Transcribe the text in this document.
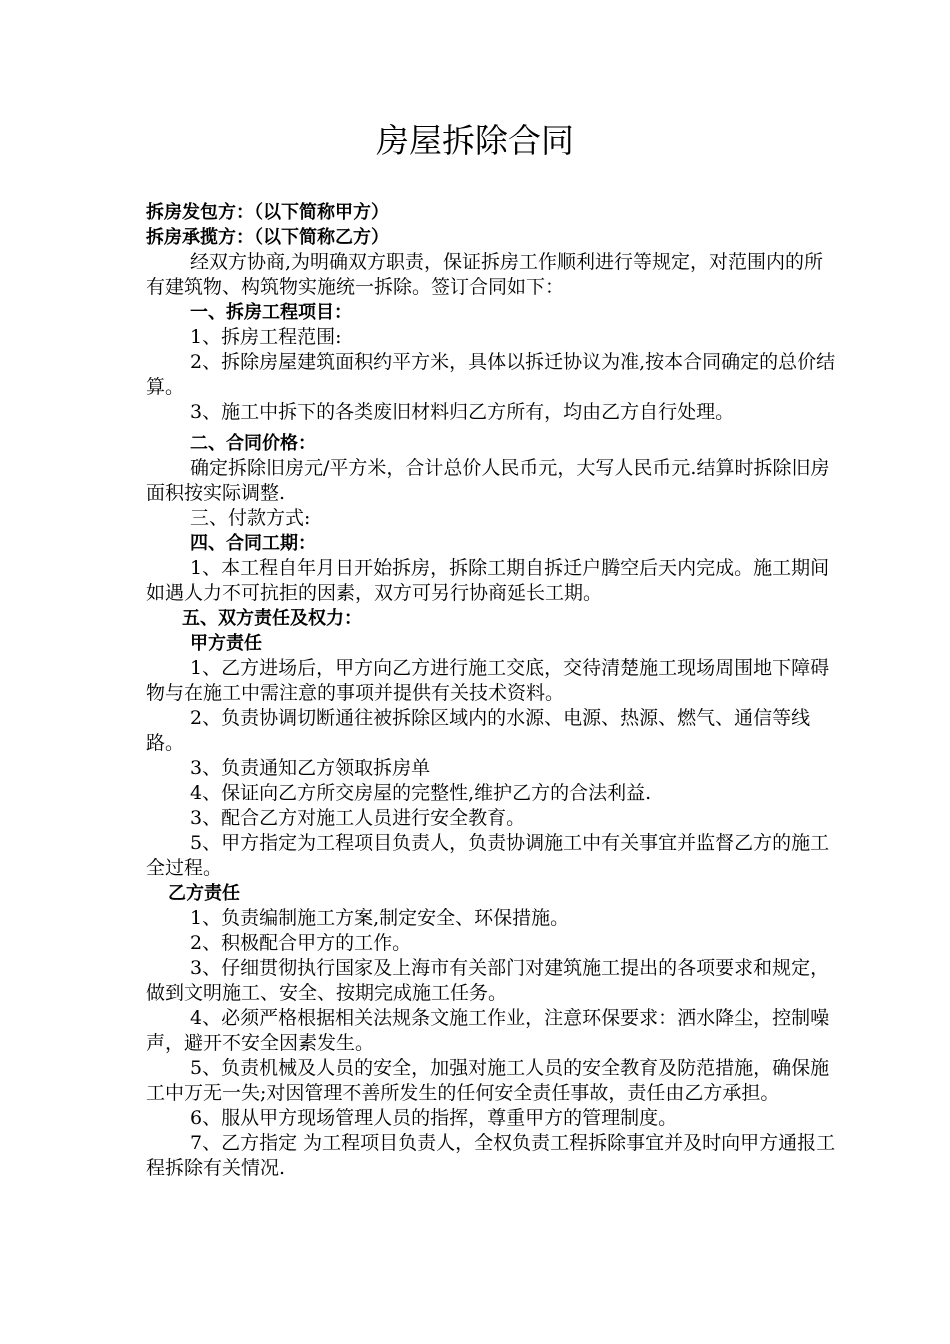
房屋拆除合同
拆房发包方：（以下简称甲方）
拆房承揽方：（以下简称乙方）
经双方协商,为明确双方职责，保证拆房工作顺利进行等规定，对范围内的所有建筑物、构筑物实施统一拆除。签订合同如下：
一、拆房工程项目：
1、拆房工程范围:
2、拆除房屋建筑面积约平方米，具体以拆迁协议为准,按本合同确定的总价结算。
3、施工中拆下的各类废旧材料归乙方所有，均由乙方自行处理。
二、合同价格：
确定拆除旧房元/平方米，合计总价人民币元，大写人民币元.结算时拆除旧房面积按实际调整.
三、付款方式:
四、合同工期：
1、本工程自年月日开始拆房，拆除工期自拆迁户腾空后天内完成。施工期间如遇人力不可抗拒的因素，双方可另行协商延长工期。
五、双方责任及权力：
甲方责任
1、乙方进场后，甲方向乙方进行施工交底，交待清楚施工现场周围地下障碍物与在施工中需注意的事项并提供有关技术资料。
2、负责协调切断通往被拆除区域内的水源、电源、热源、燃气、通信等线路。
3、负责通知乙方领取拆房单
4、保证向乙方所交房屋的完整性,维护乙方的合法利益.
3、配合乙方对施工人员进行安全教育。
5、甲方指定为工程项目负责人，负责协调施工中有关事宜并监督乙方的施工全过程。
乙方责任
1、负责编制施工方案,制定安全、环保措施。
2、积极配合甲方的工作。
3、仔细贯彻执行国家及上海市有关部门对建筑施工提出的各项要求和规定，做到文明施工、安全、按期完成施工任务。
4、必须严格根据相关法规条文施工作业，注意环保要求：洒水降尘，控制噪声，避开不安全因素发生。
5、负责机械及人员的安全，加强对施工人员的安全教育及防范措施，确保施工中万无一失;对因管理不善所发生的任何安全责任事故，责任由乙方承担。
6、服从甲方现场管理人员的指挥，尊重甲方的管理制度。
7、乙方指定 为工程项目负责人，全权负责工程拆除事宜并及时向甲方通报工程拆除有关情况.
